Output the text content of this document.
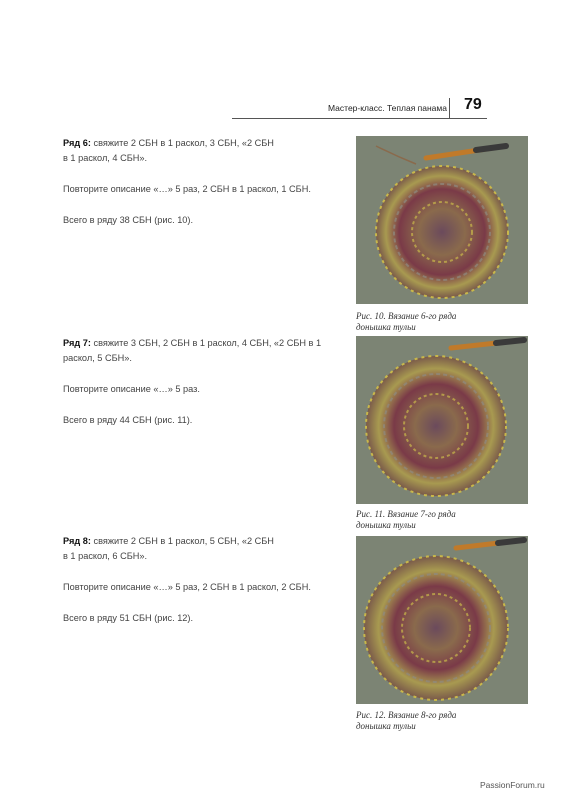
Мастер-класс. Теплая панама 79

Ряд 6: свяжите 2 СБН в 1 раскол, 3 СБН, «2 СБН
в 1 раскол, 4 СБН».

Повторите описание «…» 5 раз, 2 СБН в 1 раскол, 1 СБН.

Всего в ряду 38 СБН (рис. 10).

Ряд 7: свяжите 3 СБН, 2 СБН в 1 раскол, 4 СБН, «2 СБН в 1
раскол, 5 СБН».

Повторите описание «…» 5 раз.

Всего в ряду 44 СБН (рис. 11).

Ряд 8: свяжите 2 СБН в 1 раскол, 5 СБН, «2 СБН
в 1 раскол, 6 СБН».

Повторите описание «…» 5 раз, 2 СБН в 1 раскол, 2 СБН.

Всего в ряду 51 СБН (рис. 12).

Рис. 10. Вязание 6-го ряда
донышка тульи
Рис. 11. Вязание 7-го ряда
донышка тульи
Рис. 12. Вязание 8-го ряда
донышка тульи
PassionForum.ru
